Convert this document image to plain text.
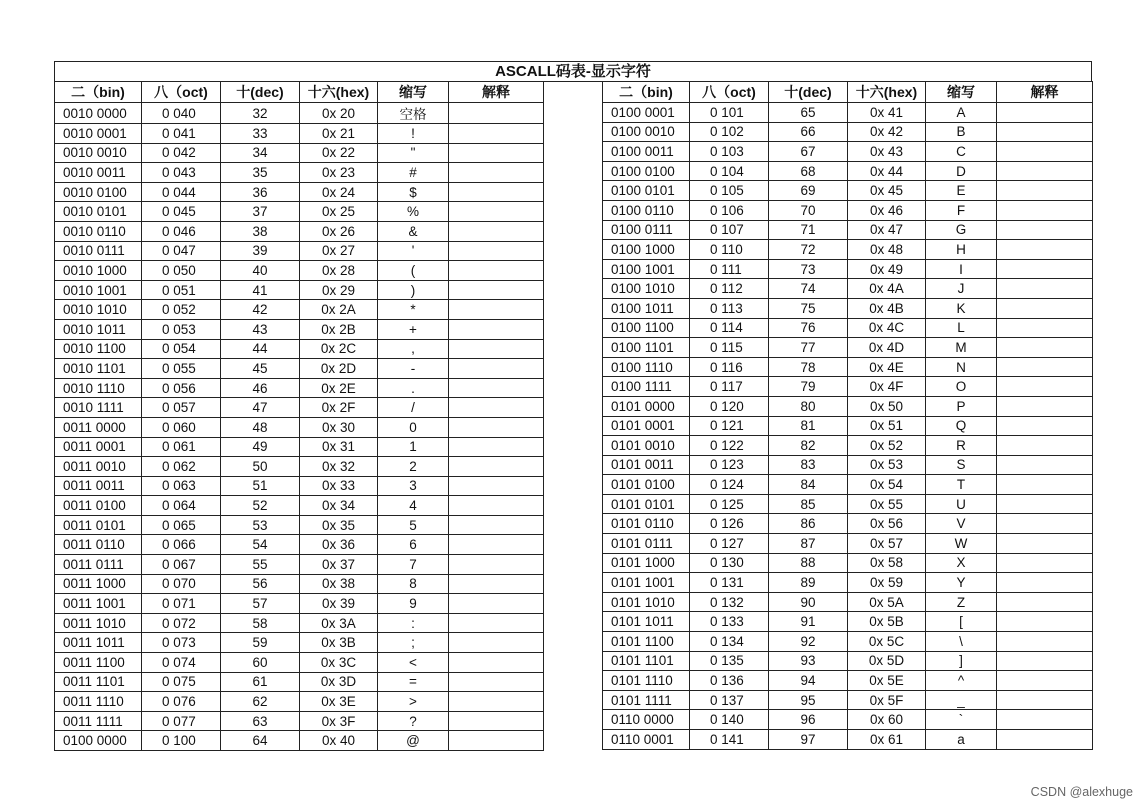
ASCALL码表-显示字符
二（bin)	八（oct)	十(dec)	十六(hex)	缩写	解释
0010 0000	0 040	32	0x 20	空格	
0010 0001	0 041	33	0x 21	!	
0010 0010	0 042	34	0x 22	"	
0010 0011	0 043	35	0x 23	#	
0010 0100	0 044	36	0x 24	$	
0010 0101	0 045	37	0x 25	%	
0010 0110	0 046	38	0x 26	&	
0010 0111	0 047	39	0x 27	'	
0010 1000	0 050	40	0x 28	(	
0010 1001	0 051	41	0x 29	)	
0010 1010	0 052	42	0x 2A	*	
0010 1011	0 053	43	0x 2B	+	
0010 1100	0 054	44	0x 2C	,	
0010 1101	0 055	45	0x 2D	-	
0010 1110	0 056	46	0x 2E	.	
0010 1111	0 057	47	0x 2F	/	
0011 0000	0 060	48	0x 30	0	
0011 0001	0 061	49	0x 31	1	
0011 0010	0 062	50	0x 32	2	
0011 0011	0 063	51	0x 33	3	
0011 0100	0 064	52	0x 34	4	
0011 0101	0 065	53	0x 35	5	
0011 0110	0 066	54	0x 36	6	
0011 0111	0 067	55	0x 37	7	
0011 1000	0 070	56	0x 38	8	
0011 1001	0 071	57	0x 39	9	
0011 1010	0 072	58	0x 3A	:	
0011 1011	0 073	59	0x 3B	;	
0011 1100	0 074	60	0x 3C	<	
0011 1101	0 075	61	0x 3D	=	
0011 1110	0 076	62	0x 3E	>	
0011 1111	0 077	63	0x 3F	?	
0100 0000	0 100	64	0x 40	@	
二（bin)	八（oct)	十(dec)	十六(hex)	缩写	解释
0100 0001	0 101	65	0x 41	A	
0100 0010	0 102	66	0x 42	B	
0100 0011	0 103	67	0x 43	C	
0100 0100	0 104	68	0x 44	D	
0100 0101	0 105	69	0x 45	E	
0100 0110	0 106	70	0x 46	F	
0100 0111	0 107	71	0x 47	G	
0100 1000	0 110	72	0x 48	H	
0100 1001	0 111	73	0x 49	I	
0100 1010	0 112	74	0x 4A	J	
0100 1011	0 113	75	0x 4B	K	
0100 1100	0 114	76	0x 4C	L	
0100 1101	0 115	77	0x 4D	M	
0100 1110	0 116	78	0x 4E	N	
0100 1111	0 117	79	0x 4F	O	
0101 0000	0 120	80	0x 50	P	
0101 0001	0 121	81	0x 51	Q	
0101 0010	0 122	82	0x 52	R	
0101 0011	0 123	83	0x 53	S	
0101 0100	0 124	84	0x 54	T	
0101 0101	0 125	85	0x 55	U	
0101 0110	0 126	86	0x 56	V	
0101 0111	0 127	87	0x 57	W	
0101 1000	0 130	88	0x 58	X	
0101 1001	0 131	89	0x 59	Y	
0101 1010	0 132	90	0x 5A	Z	
0101 1011	0 133	91	0x 5B	[	
0101 1100	0 134	92	0x 5C	\	
0101 1101	0 135	93	0x 5D	]	
0101 1110	0 136	94	0x 5E	^	
0101 1111	0 137	95	0x 5F	_	
0110 0000	0 140	96	0x 60	`	
0110 0001	0 141	97	0x 61	a	
CSDN @alexhuge
